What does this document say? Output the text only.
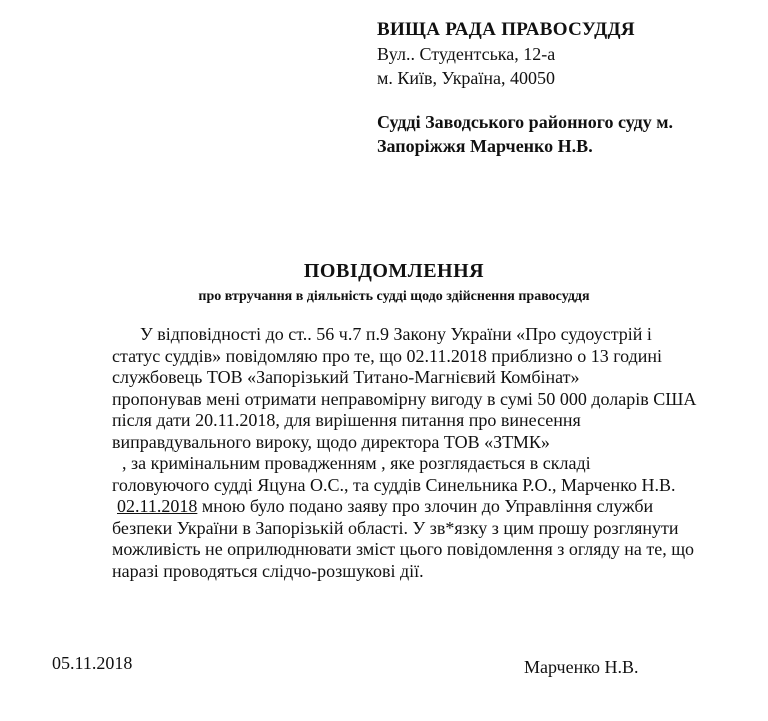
ВИЩА РАДА ПРАВОСУДДЯ
Вул.. Студентська, 12-а
м. Київ, Україна, 40050
Судді Заводського районного суду м.
Запоріжжя Марченко Н.В.
ПОВІДОМЛЕННЯ
про втручання в діяльність судді щодо здійснення правосуддя
У відповідності до ст.. 56 ч.7 п.9 Закону України «Про судоустрій і
статус суддів» повідомляю про те, що 02.11.2018 приблизно о 13 годині
службовець ТОВ «Запорізький Титано-Магнієвий Комбінат»
пропонував мені отримати неправомірну вигоду в сумі 50 000 доларів США
після дати 20.11.2018, для вирішення питання про винесення
виправдувального вироку, щодо директора ТОВ «ЗТМК»
, за кримінальним провадженням , яке розглядається в складі
головуючого судді Яцуна О.С., та суддів Синельника Р.О., Марченко Н.В.
02.11.2018 мною було подано заяву про злочин до Управління служби
безпеки України в Запорізькій області. У зв*язку з цим прошу розглянути
можливість не оприлюднювати зміст цього повідомлення з огляду на те, що
наразі проводяться слідчо-розшукові дії.
05.11.2018	Марченко Н.В.
